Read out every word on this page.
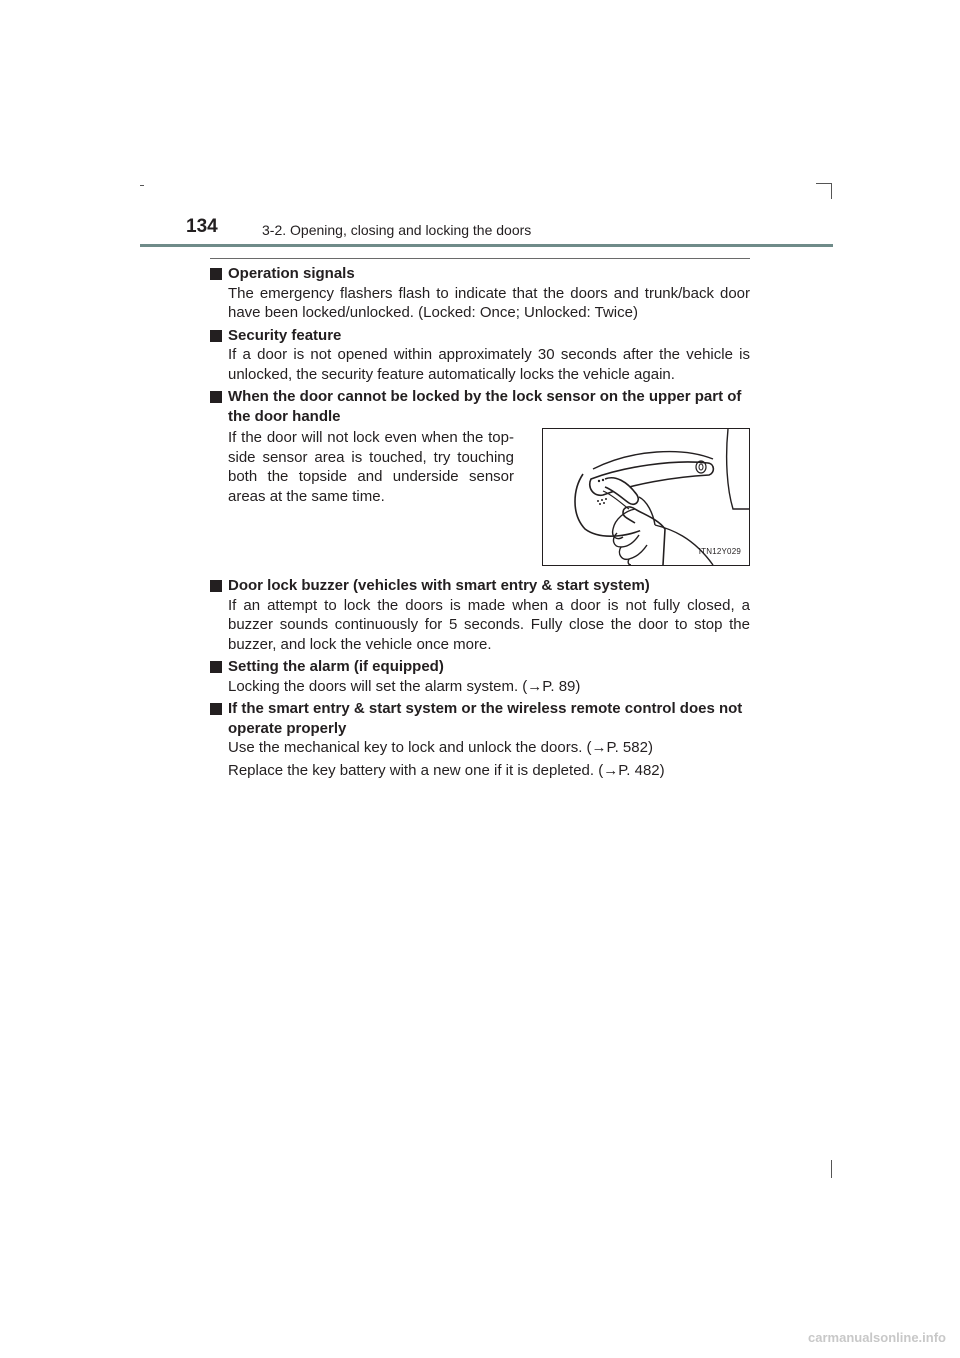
134	3-2. Opening, closing and locking the doors
Operation signals

The emergency flashers flash to indicate that the doors and trunk/back door have been locked/unlocked. (Locked: Once; Unlocked: Twice)

Security feature

If a door is not opened within approximately 30 seconds after the vehicle is unlocked, the security feature automatically locks the vehicle again.

When the door cannot be locked by the lock sensor on the upper part of the door handle

If the door will not lock even when the top-side sensor area is touched, try touching both the topside and underside sensor areas at the same time.

ITN12Y029
Door lock buzzer (vehicles with smart entry & start system)

If an attempt to lock the doors is made when a door is not fully closed, a buzzer sounds continuously for 5 seconds. Fully close the door to stop the buzzer, and lock the vehicle once more.

Setting the alarm (if equipped)

Locking the doors will set the alarm system. (→P. 89)

If the smart entry & start system or the wireless remote control does not operate properly

Use the mechanical key to lock and unlock the doors. (→P. 582)

Replace the key battery with a new one if it is depleted. (→P. 482)

carmanualsonline.info
